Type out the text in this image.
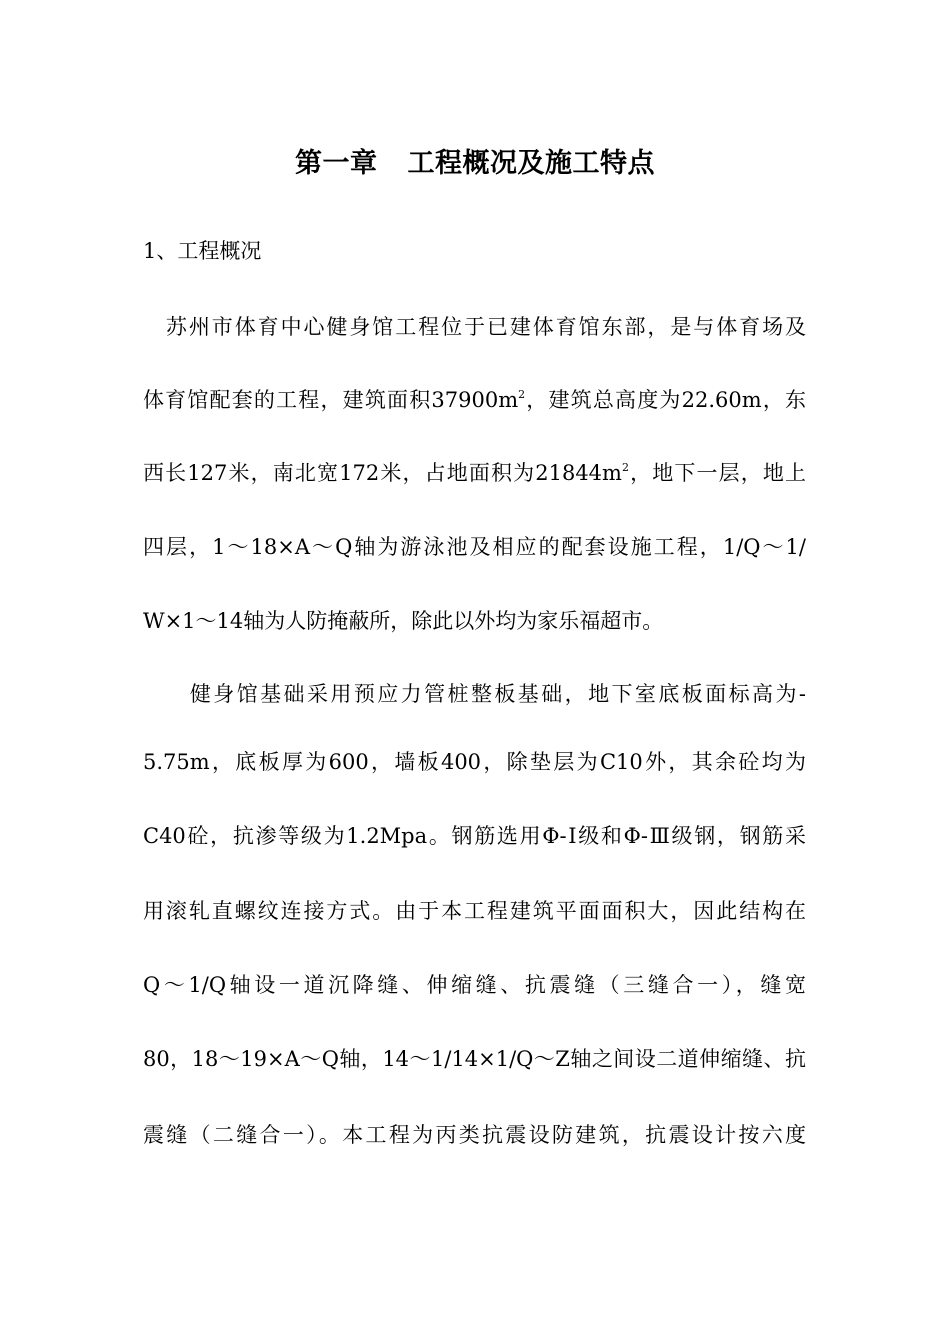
第一章 工程概况及施工特点
1、工程概况
　苏州市体育中心健身馆工程位于已建体育馆东部，是与体育场及
体育馆配套的工程，建筑面积$37900m^2$，建筑总高度为22.60m，东
西长127米，南北宽172米，占地面积为$21844m^2$，地下一层，地上
四层，1～18×A～Q轴为游泳池及相应的配套设施工程，1/Q～1/
W×1～14轴为人防掩蔽所，除此以外均为家乐福超市。
　　健身馆基础采用预应力管桩整板基础，地下室底板面标高为-
5.75m，底板厚为600，墙板400，除垫层为C10外，其余砼均为
C40砼，抗渗等级为1.2Mpa。钢筋选用Φ-Ⅰ级和Φ-Ⅲ级钢，钢筋采
用滚轧直螺纹连接方式。由于本工程建筑平面面积大，因此结构在
Q～1/Q轴设一道沉降缝、伸缩缝、抗震缝（三缝合一），缝宽
80，18～19×A～Q轴，14～1/14×1/Q～Z轴之间设二道伸缩缝、抗
震缝（二缝合一）。本工程为丙类抗震设防建筑，抗震设计按六度
